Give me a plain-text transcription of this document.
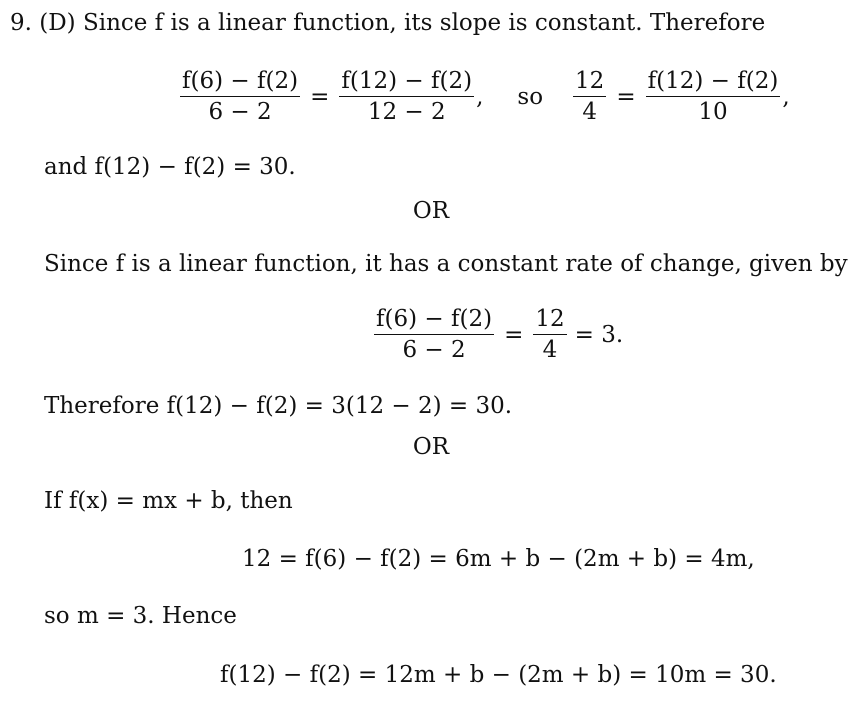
9. (D) Since f is a linear function, its slope is constant. Therefore
$\frac{f(6) - f(2)}{6 - 2} = \frac{f(12) - f(2)}{12 - 2}$ , so $\frac{12}{4} = \frac{f(12) - f(2)}{10}$ ,
and f(12) − f(2) = 30.
OR
Since f is a linear function, it has a constant rate of change, given by
$\frac{f(6) - f(2)}{6 - 2} = \frac{12}{4} = 3$.
Therefore f(12) − f(2) = 3(12 − 2) = 30.
OR
If f(x) = mx + b, then
12 = f(6) − f(2) = 6m + b − (2m + b) = 4m,
so m = 3. Hence
f(12) − f(2) = 12m + b − (2m + b) = 10m = 30.
